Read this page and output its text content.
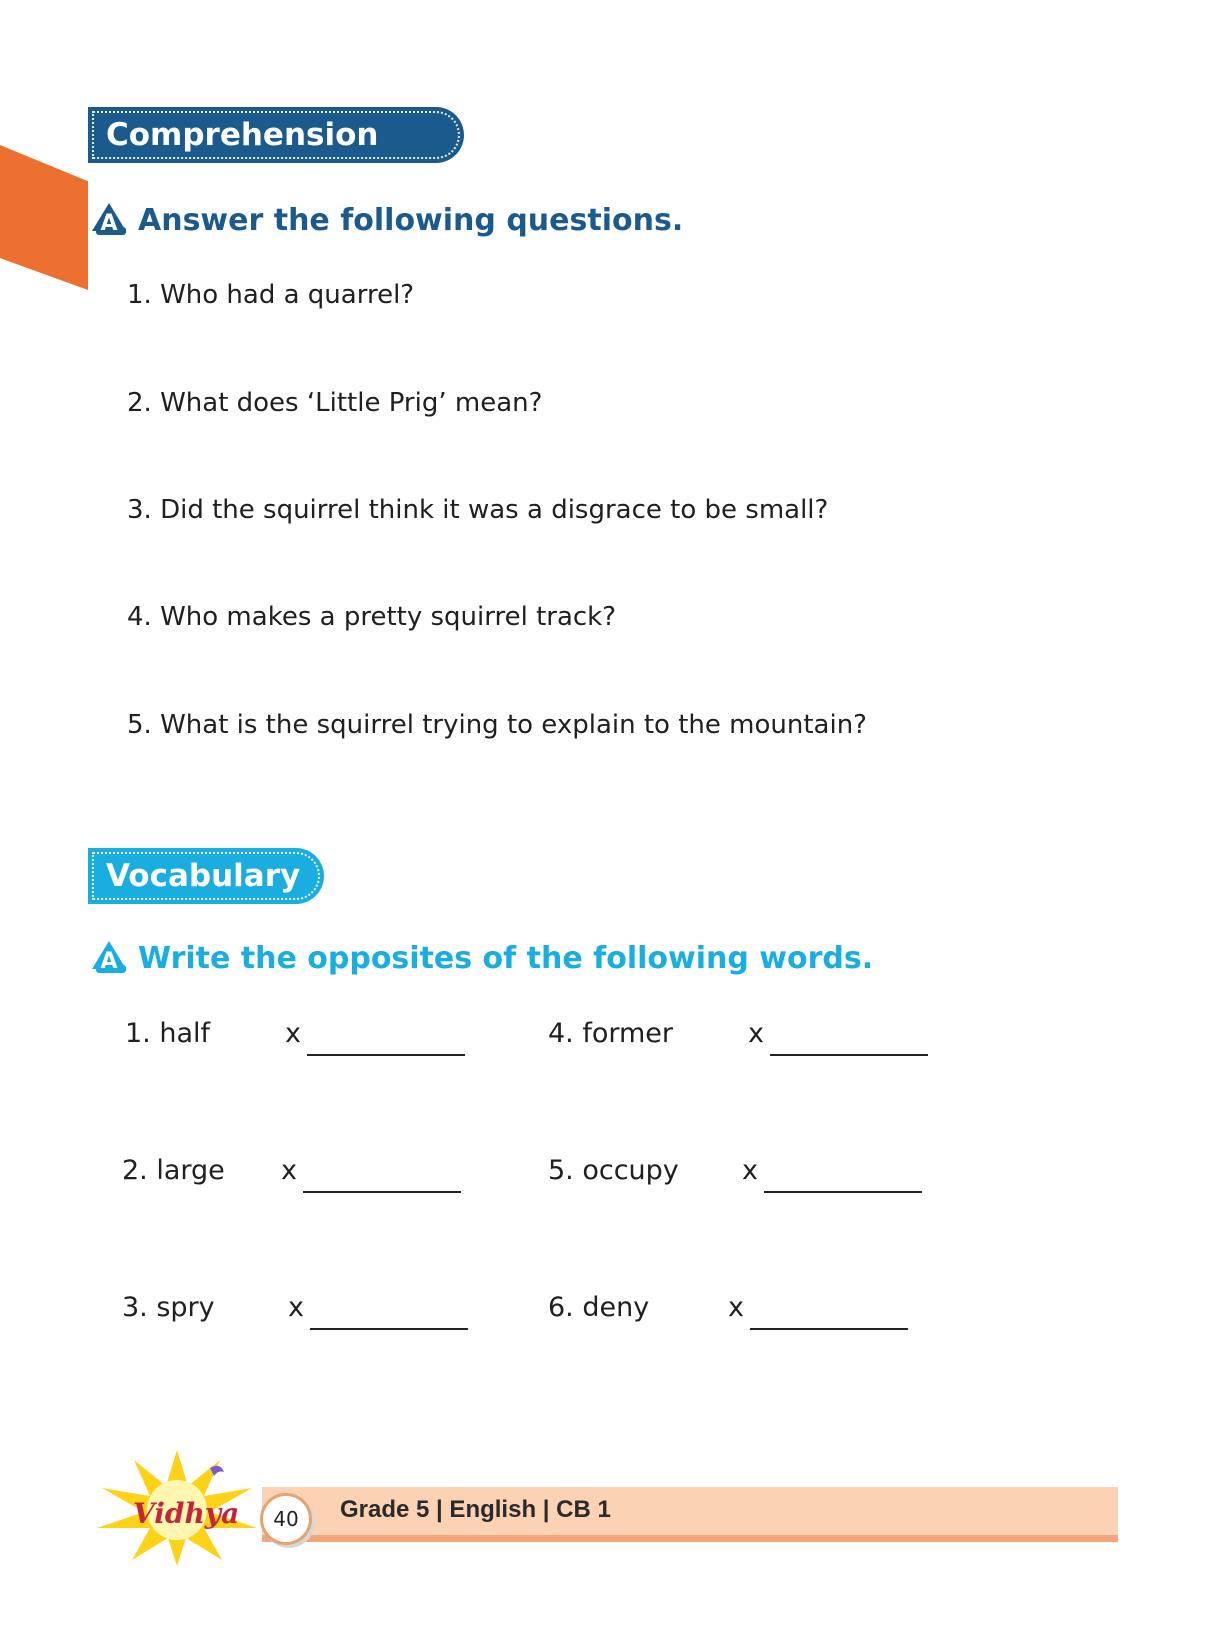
Comprehension Skills
A Answer the following questions.
1. Who had a quarrel?
2. What does ‘Little Prig’ mean?
3. Did the squirrel think it was a disgrace to be small?
4. Who makes a pretty squirrel track?
5. What is the squirrel trying to explain to the mountain?
Vocabulary
A Write the opposites of the following words.
1. half	x
2. large x
3. spry	x
4. former	x
5. occupy x
6. deny	x
Grade 5 | English | CB 1
Vidhya	40
